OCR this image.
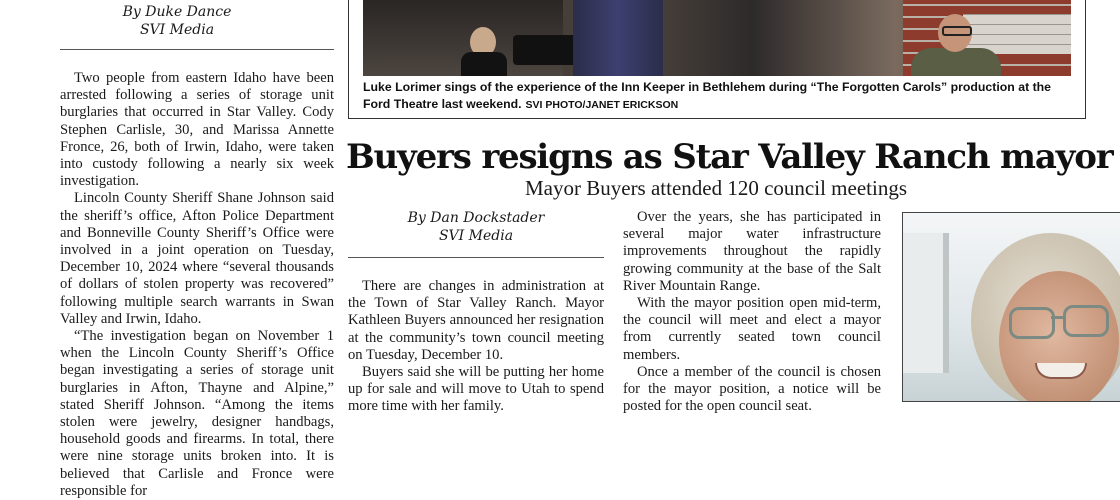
By Duke Dance
SVI Media

Two people from eastern Idaho have been arrested following a series of storage unit burglaries that occurred in Star Valley. Cody Stephen Carlisle, 30, and Marissa Annette Fronce, 26, both of Irwin, Idaho, were taken into custody following a nearly six week investigation.

Lincoln County Sheriff Shane Johnson said the sheriff’s office, Afton Police Department and Bonneville County Sheriff’s Office were involved in a joint operation on Tuesday, December 10, 2024 where “several thousands of dollars of stolen property was recovered” following multiple search warrants in Swan Valley and Irwin, Idaho.

“The investigation began on November 1 when the Lincoln County Sheriff’s Office began investigating a series of storage unit burglaries in Afton, Thayne and Alpine,” stated Sheriff Johnson. “Among the items stolen were jewelry, designer handbags, household goods and firearms. In total, there were nine storage units broken into. It is believed that Carlisle and Fronce were responsible for

Luke Lorimer sings of the experience of the Inn Keeper in Bethlehem during “The Forgotten Carols” production at the Ford Theatre last weekend. SVI PHOTO/JANET ERICKSON
Buyers resigns as Star Valley Ranch mayor
Mayor Buyers attended 120 council meetings
By Dan Dockstader
SVI Media

There are changes in administration at the Town of Star Valley Ranch. Mayor Kathleen Buyers announced her resignation at the community’s town council meeting on Tuesday, December 10.

Buyers said she will be putting her home up for sale and will move to Utah to spend more time with her family.

Over the years, she has participated in several major water infrastructure improvements throughout the rapidly growing community at the base of the Salt River Mountain Range.

With the mayor position open mid-term, the council will meet and elect a mayor from currently seated town council members.

Once a member of the council is chosen for the mayor position, a notice will be posted for the open council seat.
